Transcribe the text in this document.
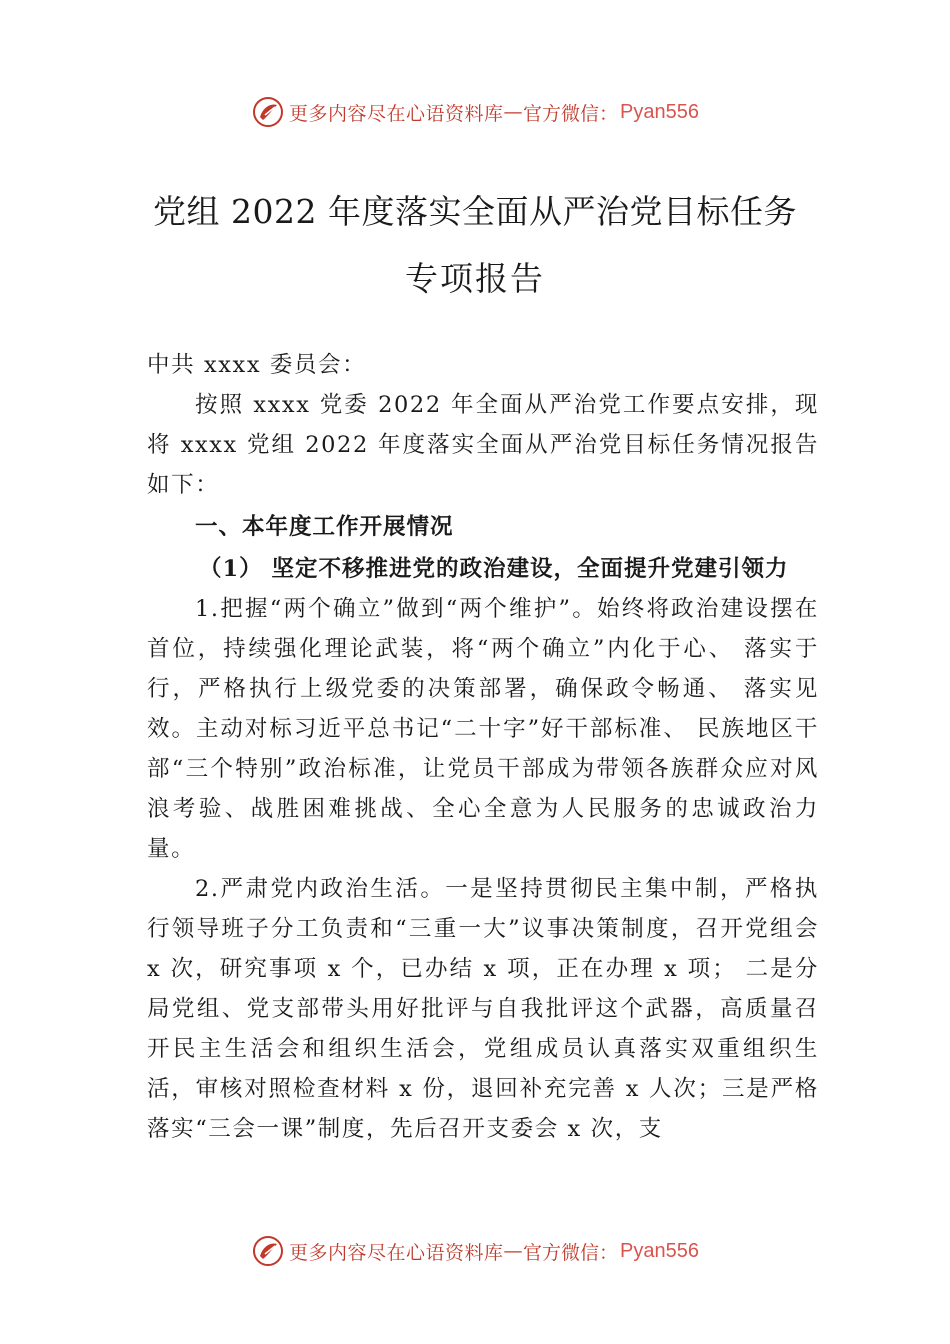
更多内容尽在心语资料库 — 官方微信： Pyan556
党组 2022 年度落实全面从严治党目标任务
专项报告

中共 xxxx 委员会：

按照 xxxx 党委 2022 年全面从严治党工作要点安排，现将 xxxx 党组 2022 年度落实全面从严治党目标任务情况报告如下：

一、本年度工作开展情况

（1） 坚定不移推进党的政治建设，全面提升党建引领力

1.把握“两个确立”做到“两个维护”。始终将政治建设摆在首位，持续强化理论武装，将“两个确立”内化于心、 落实于行，严格执行上级党委的决策部署，确保政令畅通、 落实见效。主动对标习近平总书记“二十字”好干部标准、 民族地区干部“三个特别”政治标准，让党员干部成为带领各族群众应对风浪考验、战胜困难挑战、全心全意为人民服务的忠诚政治力量。

2.严肃党内政治生活。一是坚持贯彻民主集中制，严格执行领导班子分工负责和“三重一大”议事决策制度，召开党组会 x 次，研究事项 x 个，已办结 x 项，正在办理 x 项； 二是分局党组、党支部带头用好批评与自我批评这个武器，高质量召开民主生活会和组织生活会，党组成员认真落实双重组织生活，审核对照检查材料 x 份，退回补充完善 x 人次；三是严格落实“三会一课”制度，先后召开支委会 x 次，支

更多内容尽在心语资料库 — 官方微信： Pyan556
